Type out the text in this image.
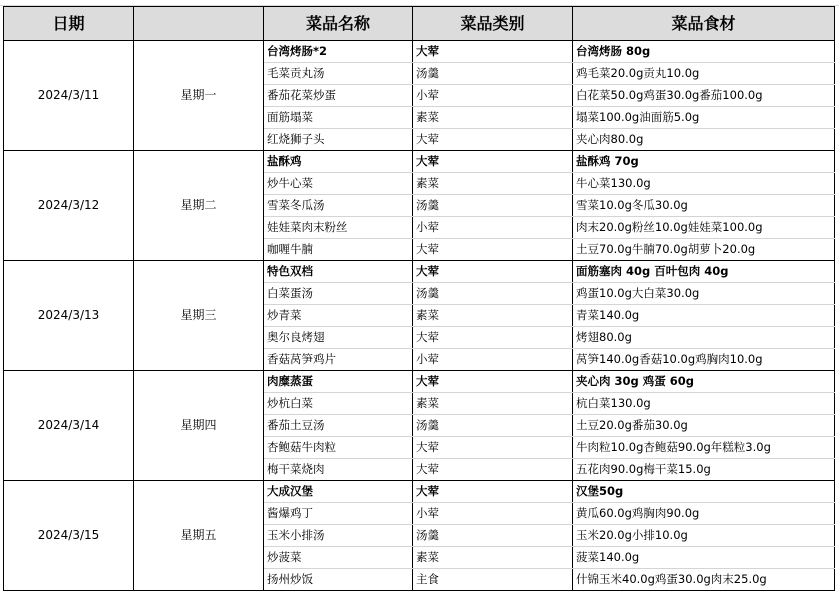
日期		菜品名称	菜品类别	菜品食材
2024/3/11	星期一	台湾烤肠*2	大荤	台湾烤肠 80g
		毛菜贡丸汤	汤羹	鸡毛菜20.0g贡丸10.0g
		番茄花菜炒蛋	小荤	白花菜50.0g鸡蛋30.0g番茄100.0g
		面筋塌菜	素菜	塌菜100.0g油面筋5.0g
		红烧狮子头	大荤	夹心肉80.0g
2024/3/12	星期二	盐酥鸡	大荤	盐酥鸡 70g
		炒牛心菜	素菜	牛心菜130.0g
		雪菜冬瓜汤	汤羹	雪菜10.0g冬瓜30.0g
		娃娃菜肉末粉丝	小荤	肉末20.0g粉丝10.0g娃娃菜100.0g
		咖喱牛腩	大荤	土豆70.0g牛腩70.0g胡萝卜20.0g
2024/3/13	星期三	特色双档	大荤	面筋塞肉 40g 百叶包肉 40g
		白菜蛋汤	汤羹	鸡蛋10.0g大白菜30.0g
		炒青菜	素菜	青菜140.0g
		奥尔良烤翅	大荤	烤翅80.0g
		香菇莴笋鸡片	小荤	莴笋140.0g香菇10.0g鸡胸肉10.0g
2024/3/14	星期四	肉糜蒸蛋	大荤	夹心肉 30g 鸡蛋 60g
		炒杭白菜	素菜	杭白菜130.0g
		番茄土豆汤	汤羹	土豆20.0g番茄30.0g
		杏鲍菇牛肉粒	大荤	牛肉粒10.0g杏鲍菇90.0g年糕粒3.0g
		梅干菜烧肉	大荤	五花肉90.0g梅干菜15.0g
2024/3/15	星期五	大成汉堡	大荤	汉堡50g
		酱爆鸡丁	小荤	黄瓜60.0g鸡胸肉90.0g
		玉米小排汤	汤羹	玉米20.0g小排10.0g
		炒菠菜	素菜	菠菜140.0g
		扬州炒饭	主食	什锦玉米40.0g鸡蛋30.0g肉末25.0g
